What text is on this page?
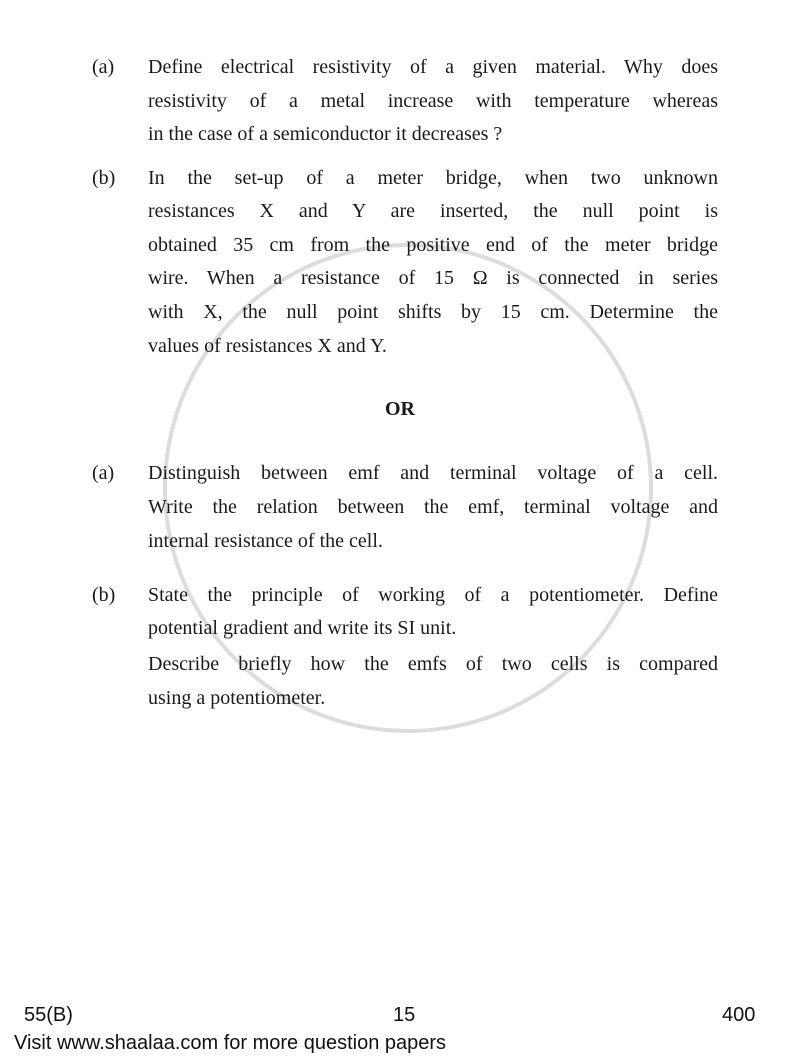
(a) Define electrical resistivity of a given material. Why does
resistivity of a metal increase with temperature whereas
in the case of a semiconductor it decreases ?
(b) In the set-up of a meter bridge, when two unknown
resistances X and Y are inserted, the null point is
obtained 35 cm from the positive end of the meter bridge
wire. When a resistance of 15 Ω is connected in series
with X, the null point shifts by 15 cm. Determine the
values of resistances X and Y.
OR
(a) Distinguish between emf and terminal voltage of a cell.
Write the relation between the emf, terminal voltage and
internal resistance of the cell.
(b) State the principle of working of a potentiometer. Define
potential gradient and write its SI unit.
Describe briefly how the emfs of two cells is compared
using a potentiometer.
55(B)	15	400
Visit www.shaalaa.com for more question papers
